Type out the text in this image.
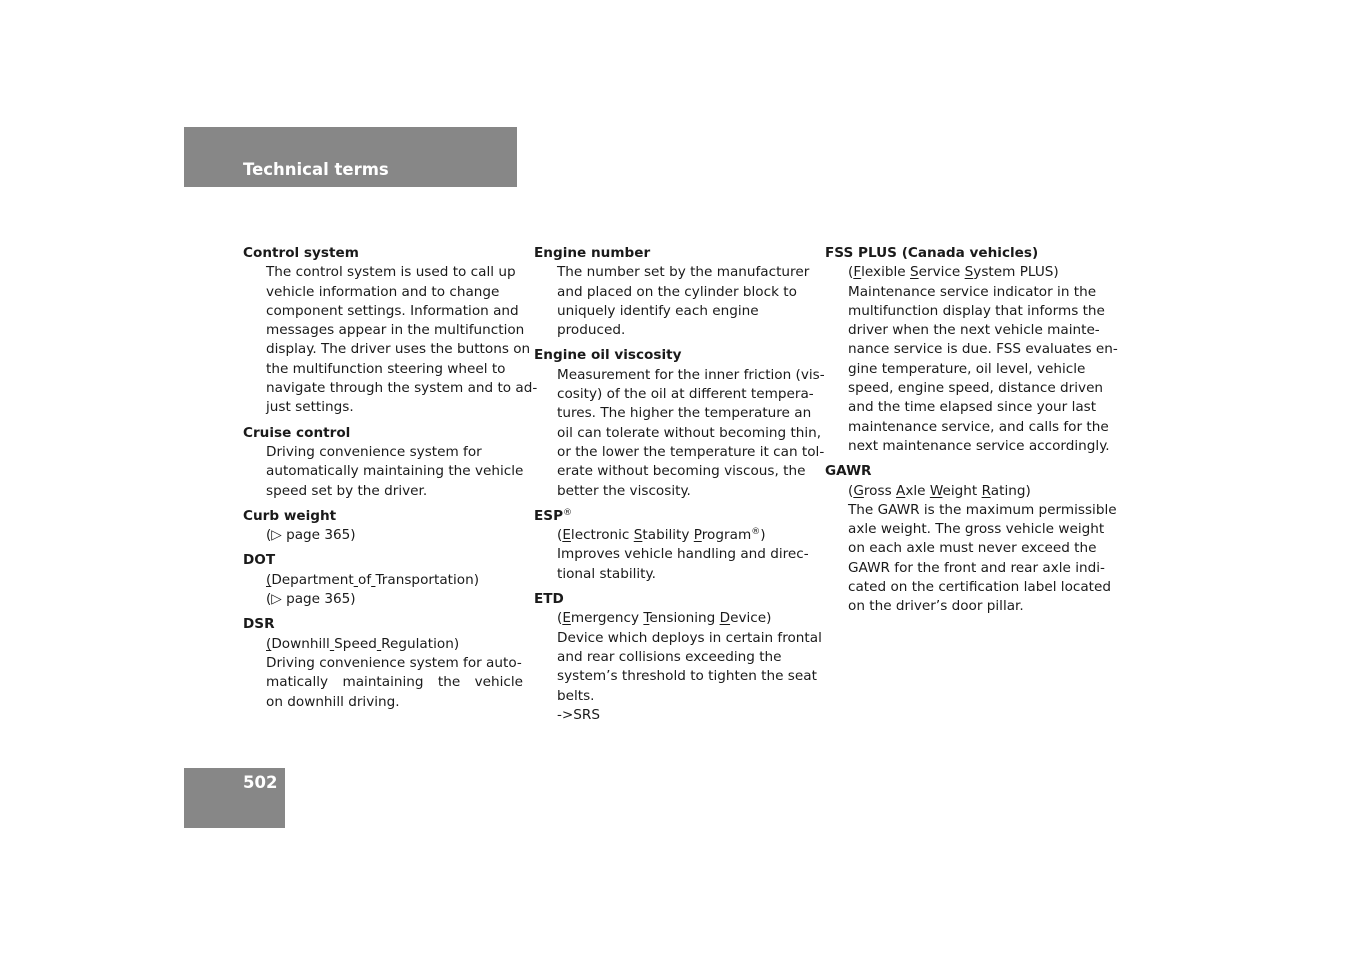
Technical terms
Control system
The control system is used to call up
vehicle information and to change
component settings. Information and
messages appear in the multifunction
display. The driver uses the buttons on
the multifunction steering wheel to
navigate through the system and to ad-
just settings.
Cruise control
Driving convenience system for
automatically maintaining the vehicle
speed set by the driver.
Curb weight
(▷ page 365)
DOT
(Department of Transportation)
(▷ page 365)
DSR
(Downhill Speed Regulation)
Driving convenience system for auto-
matically maintaining the vehicle
on downhill driving.
Engine number
The number set by the manufacturer
and placed on the cylinder block to
uniquely identify each engine
produced.
Engine oil viscosity
Measurement for the inner friction (vis-
cosity) of the oil at different tempera-
tures. The higher the temperature an
oil can tolerate without becoming thin,
or the lower the temperature it can tol-
erate without becoming viscous, the
better the viscosity.
ESP®
(Electronic Stability Program®)
Improves vehicle handling and direc-
tional stability.
ETD
(Emergency Tensioning Device)
Device which deploys in certain frontal
and rear collisions exceeding the
system’s threshold to tighten the seat
belts.
->SRS
FSS PLUS (Canada vehicles)
(Flexible Service System PLUS)
Maintenance service indicator in the
multifunction display that informs the
driver when the next vehicle mainte-
nance service is due. FSS evaluates en-
gine temperature, oil level, vehicle
speed, engine speed, distance driven
and the time elapsed since your last
maintenance service, and calls for the
next maintenance service accordingly.
GAWR
(Gross Axle Weight Rating)
The GAWR is the maximum permissible
axle weight. The gross vehicle weight
on each axle must never exceed the
GAWR for the front and rear axle indi-
cated on the certification label located
on the driver’s door pillar.
502
